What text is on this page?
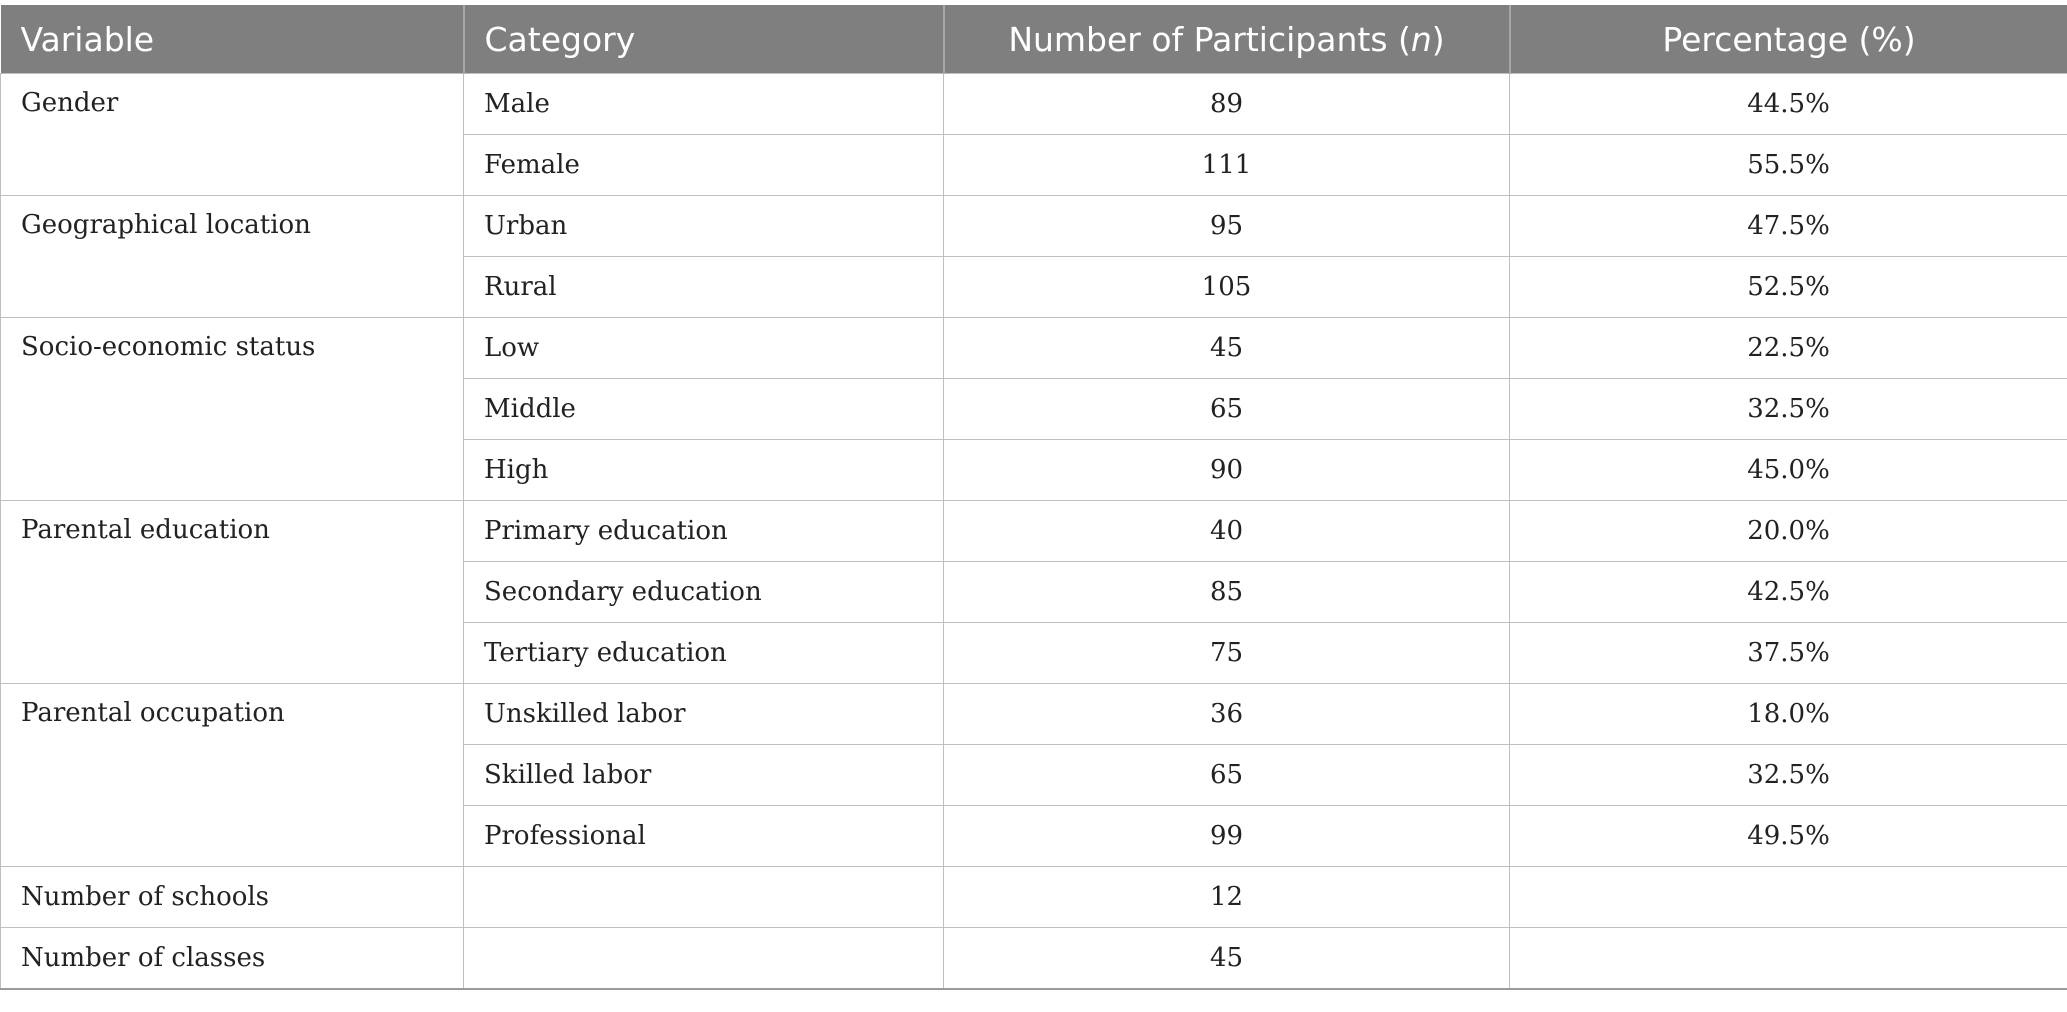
Variable	Category	Number of Participants (n)	Percentage (%)
Gender	Male	89	44.5%
	Female	111	55.5%
Geographical location	Urban	95	47.5%
	Rural	105	52.5%
Socio-economic status	Low	45	22.5%
	Middle	65	32.5%
	High	90	45.0%
Parental education	Primary education	40	20.0%
	Secondary education	85	42.5%
	Tertiary education	75	37.5%
Parental occupation	Unskilled labor	36	18.0%
	Skilled labor	65	32.5%
	Professional	99	49.5%
Number of schools		12	
Number of classes		45	
